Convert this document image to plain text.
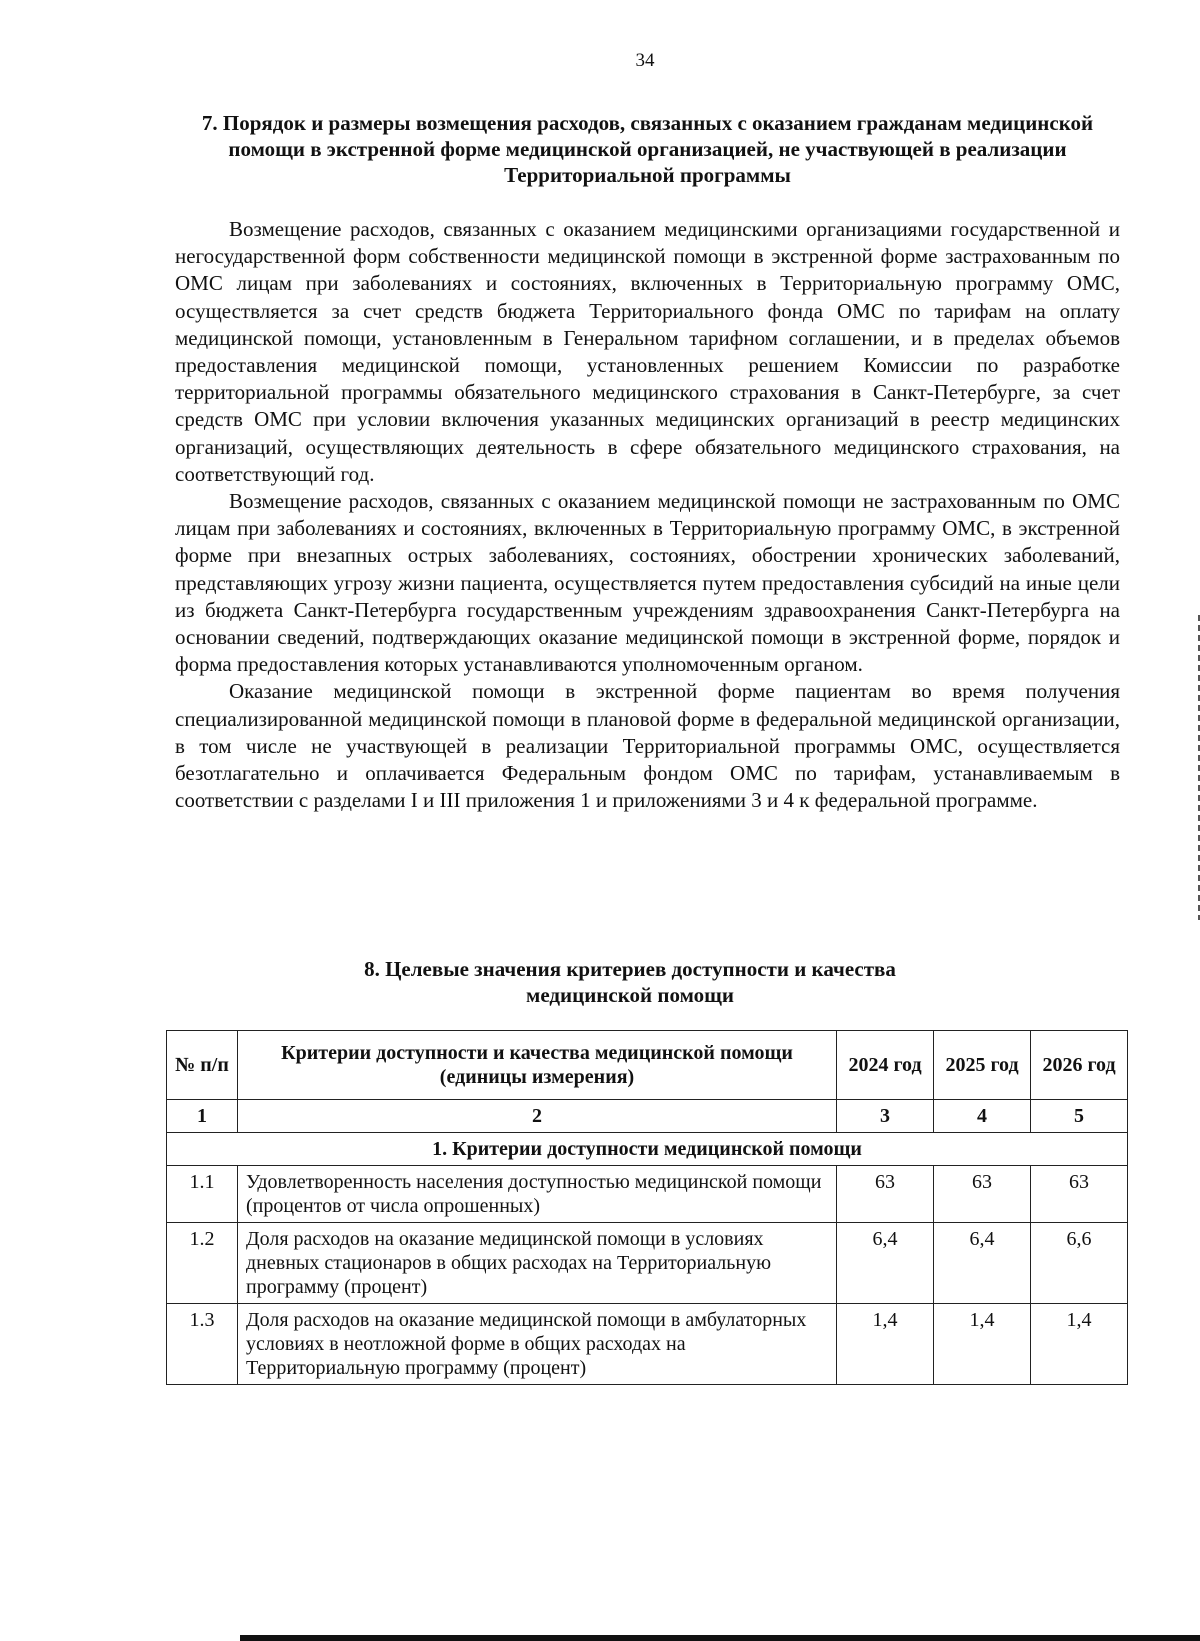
34
7. Порядок и размеры возмещения расходов, связанных с оказанием гражданам медицинской помощи в экстренной форме медицинской организацией, не участвующей в реализации Территориальной программы

Возмещение расходов, связанных с оказанием медицинскими организациями государственной и негосударственной форм собственности медицинской помощи в экстренной форме застрахованным по ОМС лицам при заболеваниях и состояниях, включенных в Территориальную программу ОМС, осуществляется за счет средств бюджета Территориального фонда ОМС по тарифам на оплату медицинской помощи, установленным в Генеральном тарифном соглашении, и в пределах объемов предоставления медицинской помощи, установленных решением Комиссии по разработке территориальной программы обязательного медицинского страхования в Санкт-Петербурге, за счет средств ОМС при условии включения указанных медицинских организаций в реестр медицинских организаций, осуществляющих деятельность в сфере обязательного медицинского страхования, на соответствующий год.

Возмещение расходов, связанных с оказанием медицинской помощи не застрахованным по ОМС лицам при заболеваниях и состояниях, включенных в Территориальную программу ОМС, в экстренной форме при внезапных острых заболеваниях, состояниях, обострении хронических заболеваний, представляющих угрозу жизни пациента, осуществляется путем предоставления субсидий на иные цели из бюджета Санкт-Петербурга государственным учреждениям здравоохранения Санкт-Петербурга на основании сведений, подтверждающих оказание медицинской помощи в экстренной форме, порядок и форма предоставления которых устанавливаются уполномоченным органом.

Оказание медицинской помощи в экстренной форме пациентам во время получения специализированной медицинской помощи в плановой форме в федеральной медицинской организации, в том числе не участвующей в реализации Территориальной программы ОМС, осуществляется безотлагательно и оплачивается Федеральным фондом ОМС по тарифам, устанавливаемым в соответствии с разделами I и III приложения 1 и приложениями 3 и 4 к федеральной программе.

8. Целевые значения критериев доступности и качества медицинской помощи
№ п/п	Критерии доступности и качества медицинской помощи (единицы измерения)	2024 год	2025 год	2026 год
1	2	3	4	5
1. Критерии доступности медицинской помощи				
1.1	Удовлетворенность населения доступностью медицинской помощи (процентов от числа опрошенных)	63	63	63
1.2	Доля расходов на оказание медицинской помощи в условиях дневных стационаров в общих расходах на Территориальную программу (процент)	6,4	6,4	6,6
1.3	Доля расходов на оказание медицинской помощи в амбулаторных условиях в неотложной форме в общих расходах на Территориальную программу (процент)	1,4	1,4	1,4
